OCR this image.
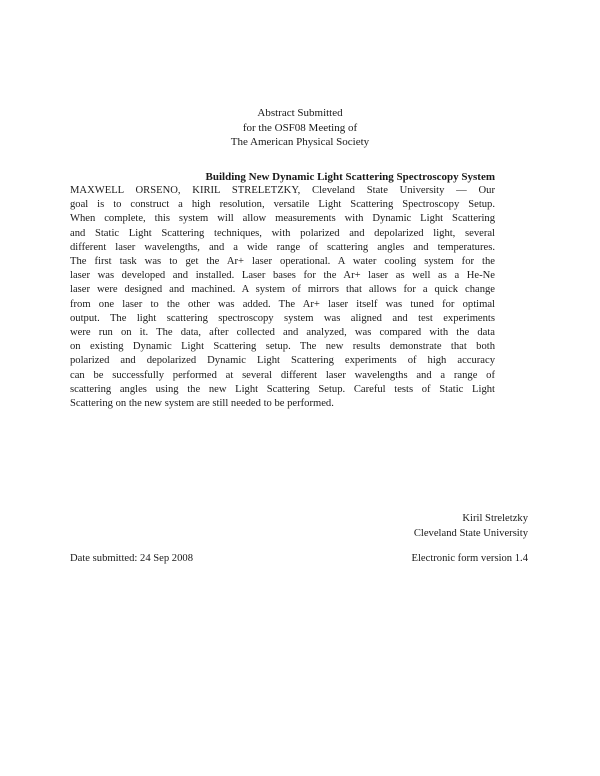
Abstract Submitted
for the OSF08 Meeting of
The American Physical Society
Building New Dynamic Light Scattering Spectroscopy System
MAXWELL ORSENO, KIRIL STRELETZKY, Cleveland State University — Our
goal is to construct a high resolution, versatile Light Scattering Spectroscopy Setup.
When complete, this system will allow measurements with Dynamic Light Scattering
and Static Light Scattering techniques, with polarized and depolarized light, several
different laser wavelengths, and a wide range of scattering angles and temperatures.
The first task was to get the Ar+ laser operational. A water cooling system for the
laser was developed and installed. Laser bases for the Ar+ laser as well as a He-Ne
laser were designed and machined. A system of mirrors that allows for a quick change
from one laser to the other was added. The Ar+ laser itself was tuned for optimal
output. The light scattering spectroscopy system was aligned and test experiments
were run on it. The data, after collected and analyzed, was compared with the data
on existing Dynamic Light Scattering setup. The new results demonstrate that both
polarized and depolarized Dynamic Light Scattering experiments of high accuracy
can be successfully performed at several different laser wavelengths and a range of
scattering angles using the new Light Scattering Setup. Careful tests of Static Light
Scattering on the new system are still needed to be performed.
Kiril Streletzky
Cleveland State University
Date submitted: 24 Sep 2008	Electronic form version 1.4
